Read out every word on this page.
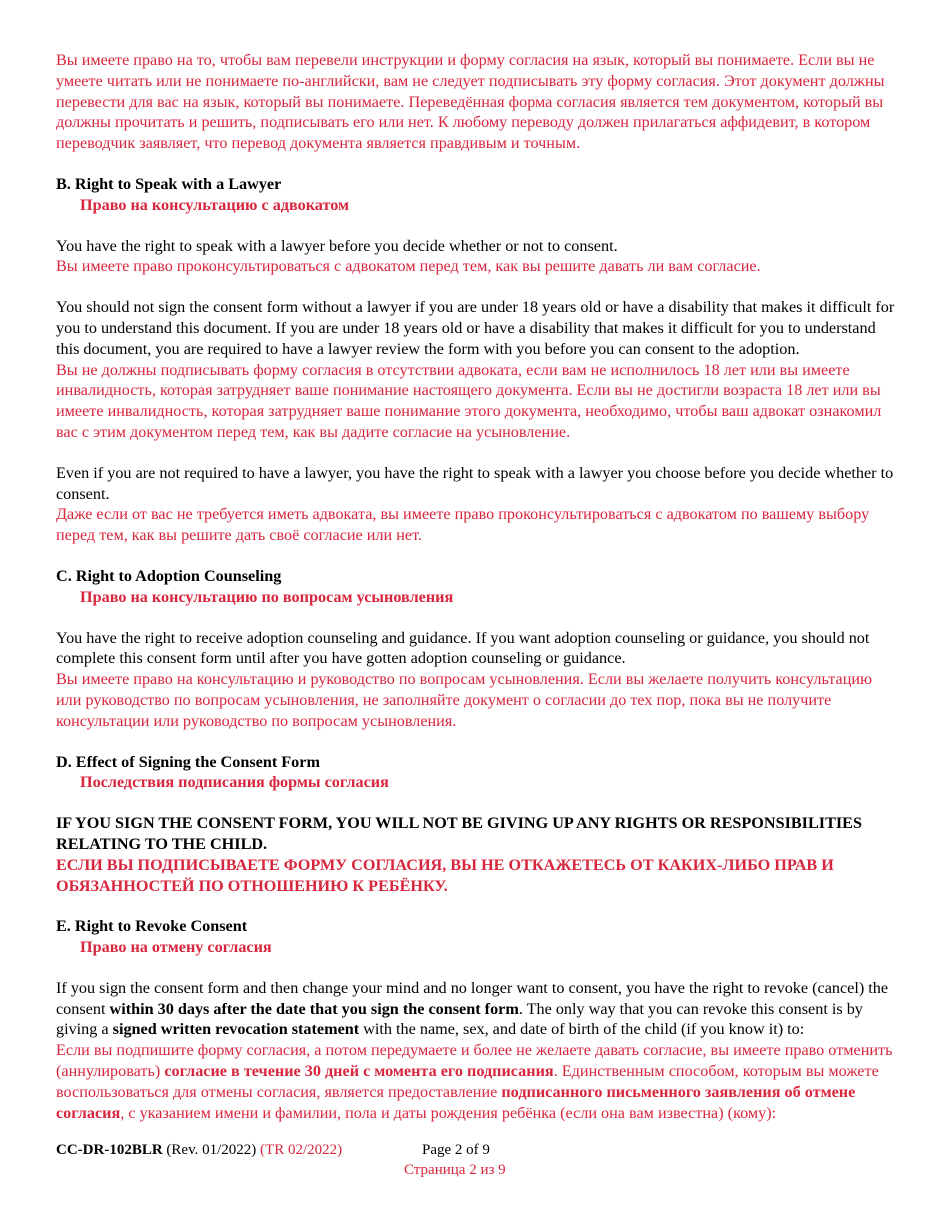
Вы имеете право на то, чтобы вам перевели инструкции и форму согласия на язык, который вы понимаете. Если вы не умеете читать или не понимаете по-английски, вам не следует подписывать эту форму согласия. Этот документ должны перевести для вас на язык, который вы понимаете. Переведённая форма согласия является тем документом, который вы должны прочитать и решить, подписывать его или нет. К любому переводу должен прилагаться аффидевит, в котором переводчик заявляет, что перевод документа является правдивым и точным.

B. Right to Speak with a Lawyer

Право на консультацию с адвокатом

You have the right to speak with a lawyer before you decide whether or not to consent.

Вы имеете право проконсультироваться с адвокатом перед тем, как вы решите давать ли вам согласие.

You should not sign the consent form without a lawyer if you are under 18 years old or have a disability that makes it difficult for you to understand this document. If you are under 18 years old or have a disability that makes it difficult for you to understand this document, you are required to have a lawyer review the form with you before you can consent to the adoption.

Вы не должны подписывать форму согласия в отсутствии адвоката, если вам не исполнилось 18 лет или вы имеете инвалидность, которая затрудняет ваше понимание настоящего документа. Если вы не достигли возраста 18 лет или вы имеете инвалидность, которая затрудняет ваше понимание этого документа, необходимо, чтобы ваш адвокат ознакомил вас с этим документом перед тем, как вы дадите согласие на усыновление.

Even if you are not required to have a lawyer, you have the right to speak with a lawyer you choose before you decide whether to consent.

Даже если от вас не требуется иметь адвоката, вы имеете право проконсультироваться с адвокатом по вашему выбору перед тем, как вы решите дать своё согласие или нет.

C. Right to Adoption Counseling

Право на консультацию по вопросам усыновления

You have the right to receive adoption counseling and guidance. If you want adoption counseling or guidance, you should not complete this consent form until after you have gotten adoption counseling or guidance.

Вы имеете право на консультацию и руководство по вопросам усыновления. Если вы желаете получить консультацию или руководство по вопросам усыновления, не заполняйте документ о согласии до тех пор, пока вы не получите консультации или руководство по вопросам усыновления.

D. Effect of Signing the Consent Form

Последствия подписания формы согласия

IF YOU SIGN THE CONSENT FORM, YOU WILL NOT BE GIVING UP ANY RIGHTS OR RESPONSIBILITIES RELATING TO THE CHILD.

ЕСЛИ ВЫ ПОДПИСЫВАЕТЕ ФОРМУ СОГЛАСИЯ, ВЫ НЕ ОТКАЖЕТЕСЬ ОТ КАКИХ-ЛИБО ПРАВ И ОБЯЗАННОСТЕЙ ПО ОТНОШЕНИЮ К РЕБЁНКУ.

E. Right to Revoke Consent

Право на отмену согласия

If you sign the consent form and then change your mind and no longer want to consent, you have the right to revoke (cancel) the consent within 30 days after the date that you sign the consent form. The only way that you can revoke this consent is by giving a signed written revocation statement with the name, sex, and date of birth of the child (if you know it) to:

Если вы подпишите форму согласия, а потом передумаете и более не желаете давать согласие, вы имеете право отменить (аннулировать) согласие в течение 30 дней с момента его подписания. Единственным способом, которым вы можете воспользоваться для отмены согласия, является предоставление подписанного письменного заявления об отмене согласия, с указанием имени и фамилии, пола и даты рождения ребёнка (если она вам известна) (кому):

CC-DR-102BLR (Rev. 01/2022) (TR 02/2022)	Page 2 of 9
Страница 2 из 9
